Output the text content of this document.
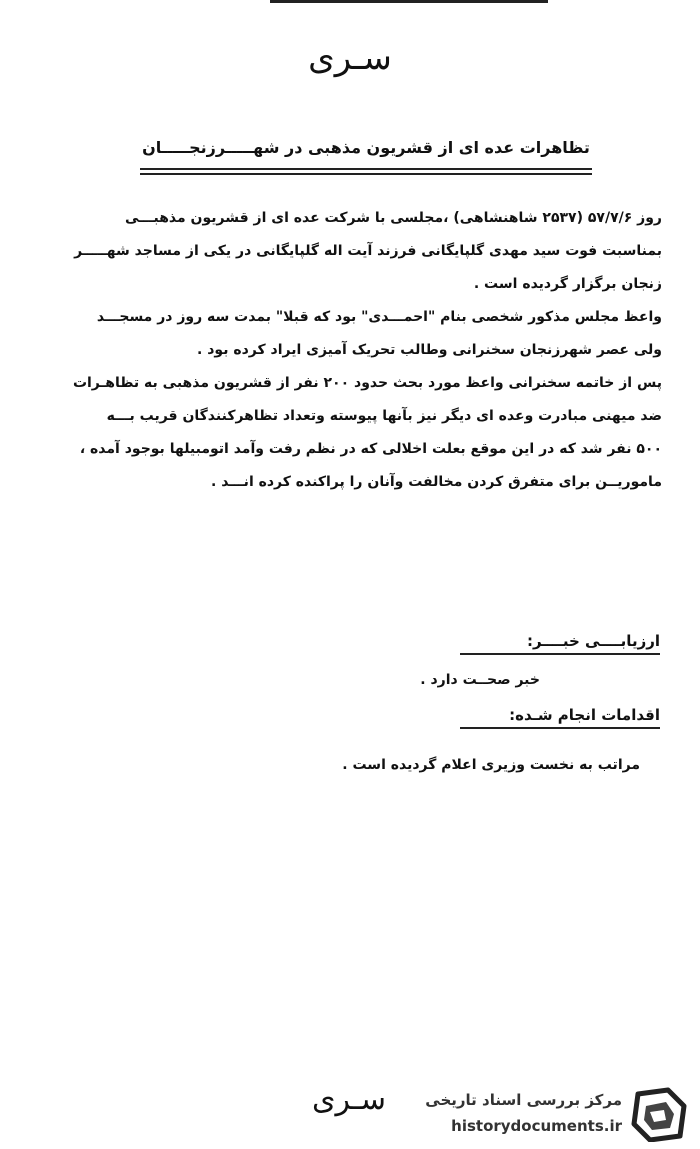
سـری
تظاهرات عده ای از قشریون مذهبی در شهـــــرزنجـــــان
روز ۵۷/۷/۶ (۲۵۳۷ شاهنشاهی) ،مجلسی با شرکت عده ای از قشریون مذهبـــی
بمناسبت فوت سید مهدی گلپایگانی فرزند آیت اله گلپایگانی در یکی از مساجد شهـــــر
زنجان برگزار گردیده است .
واعظ مجلس مذکور شخصی بنام "احمـــدی" بود که قبلا" بمدت سه روز در مسجـــد
ولی عصر شهرزنجان سخنرانی وطالب تحریک آمیزی ایراد کرده بود .
پس از خاتمه سخنرانی واعظ مورد بحث حدود ۲۰۰ نفر از قشریون مذهبی به تظاهـرات
ضد میهنی مبادرت وعده ای دیگر نیز بآنها پیوسته وتعداد تظاهرکنندگان قریب بـــه
۵۰۰ نفر شد که در این موقع بعلت اخلالی که در نظم رفت وآمد اتومبیلها بوجود آمده ،
ماموریــن برای متفرق کردن مخالفت وآنان را پراکنده کرده انـــد .
ارزیابــــی خبــــر:
خبر صحــت دارد .
اقدامات انجام شـده:
مراتب به نخست وزیری اعلام گردیده است .
سـری	مرکز بررسی اسناد تاریخی
historydocuments.ir
